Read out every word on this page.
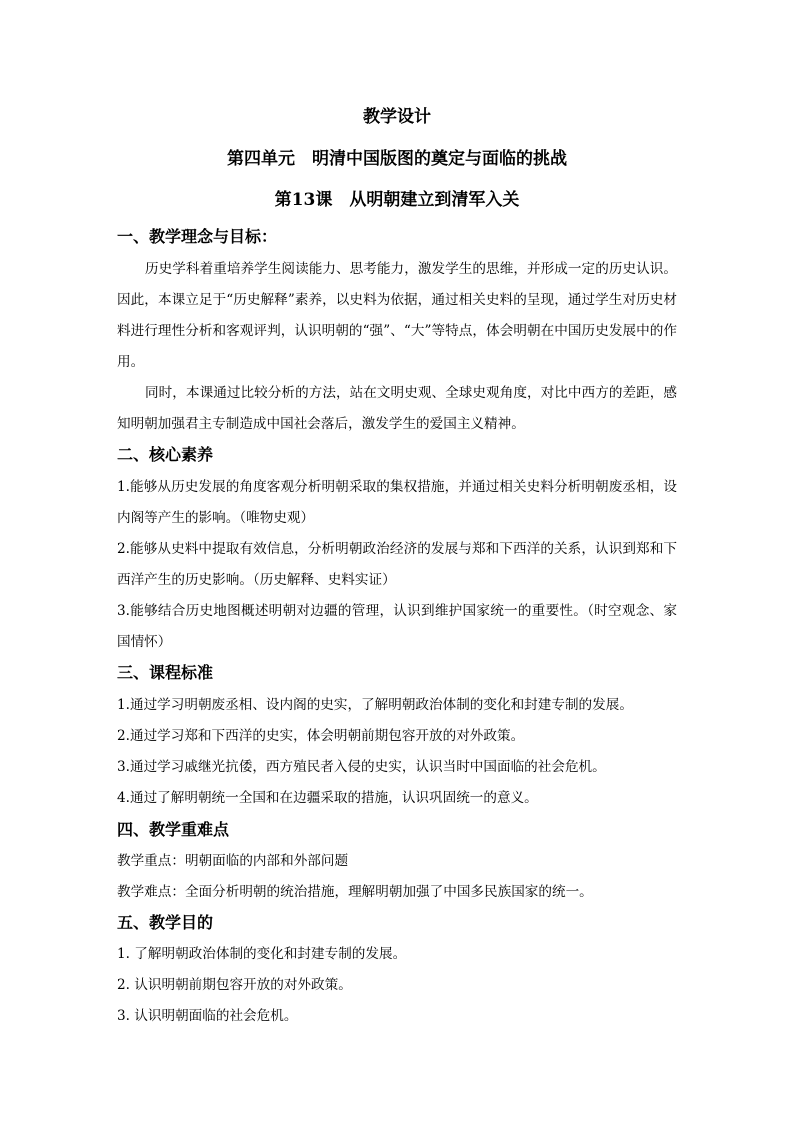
教学设计
第四单元　明清中国版图的奠定与面临的挑战
第13课　从明朝建立到清军入关
一、教学理念与目标：
历史学科着重培养学生阅读能力、思考能力，激发学生的思维，并形成一定的历史认识。因此，本课立足于“历史解释”素养，以史料为依据，通过相关史料的呈现，通过学生对历史材料进行理性分析和客观评判，认识明朝的“强”、“大”等特点，体会明朝在中国历史发展中的作用。
同时，本课通过比较分析的方法，站在文明史观、全球史观角度，对比中西方的差距，感知明朝加强君主专制造成中国社会落后，激发学生的爱国主义精神。
二、核心素养
1.能够从历史发展的角度客观分析明朝采取的集权措施，并通过相关史料分析明朝废丞相，设内阁等产生的影响。（唯物史观）
2.能够从史料中提取有效信息，分析明朝政治经济的发展与郑和下西洋的关系，认识到郑和下西洋产生的历史影响。（历史解释、史料实证）
3.能够结合历史地图概述明朝对边疆的管理，认识到维护国家统一的重要性。（时空观念、家国情怀）
三、课程标准
1.通过学习明朝废丞相、设内阁的史实，了解明朝政治体制的变化和封建专制的发展。
2.通过学习郑和下西洋的史实，体会明朝前期包容开放的对外政策。
3.通过学习戚继光抗倭，西方殖民者入侵的史实，认识当时中国面临的社会危机。
4.通过了解明朝统一全国和在边疆采取的措施，认识巩固统一的意义。
四、教学重难点
教学重点：明朝面临的内部和外部问题
教学难点：全面分析明朝的统治措施，理解明朝加强了中国多民族国家的统一。
五、教学目的
1. 了解明朝政治体制的变化和封建专制的发展。
2. 认识明朝前期包容开放的对外政策。
3. 认识明朝面临的社会危机。
